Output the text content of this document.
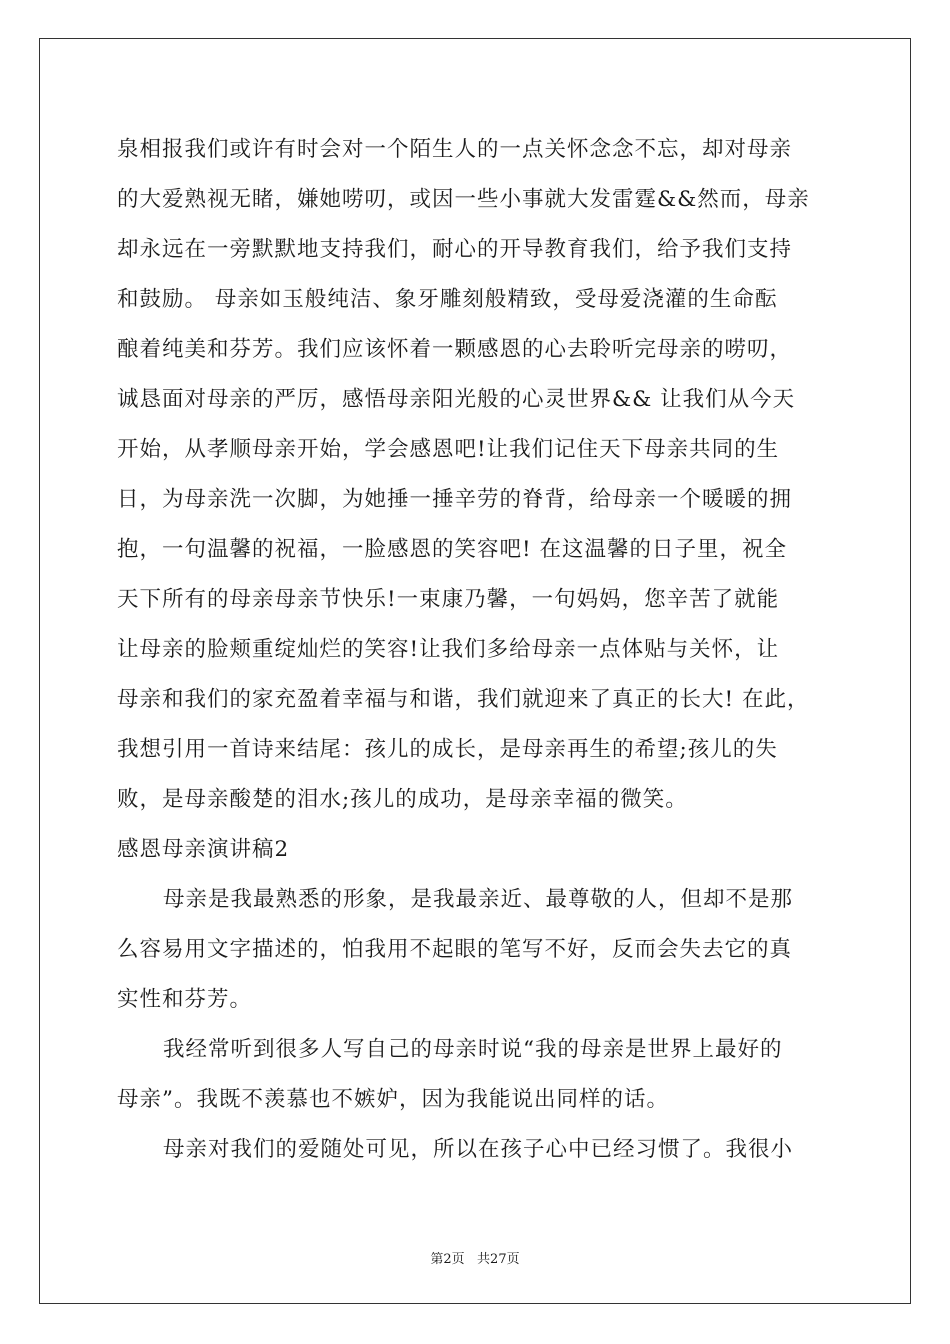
泉相报我们或许有时会对一个陌生人的一点关怀念念不忘，却对母亲
的大爱熟视无睹，嫌她唠叨，或因一些小事就大发雷霆&&然而，母亲
却永远在一旁默默地支持我们，耐心的开导教育我们，给予我们支持
和鼓励。 母亲如玉般纯洁、象牙雕刻般精致，受母爱浇灌的生命酝
酿着纯美和芬芳。我们应该怀着一颗感恩的心去聆听完母亲的唠叨，
诚恳面对母亲的严厉，感悟母亲阳光般的心灵世界&& 让我们从今天
开始，从孝顺母亲开始，学会感恩吧!让我们记住天下母亲共同的生
日，为母亲洗一次脚，为她捶一捶辛劳的脊背，给母亲一个暖暖的拥
抱，一句温馨的祝福，一脸感恩的笑容吧! 在这温馨的日子里，祝全
天下所有的母亲母亲节快乐!一束康乃馨，一句妈妈，您辛苦了就能
让母亲的脸颊重绽灿烂的笑容!让我们多给母亲一点体贴与关怀，让
母亲和我们的家充盈着幸福与和谐，我们就迎来了真正的长大! 在此，
我想引用一首诗来结尾：孩儿的成长，是母亲再生的希望;孩儿的失
败，是母亲酸楚的泪水;孩儿的成功，是母亲幸福的微笑。
感恩母亲演讲稿2
母亲是我最熟悉的形象，是我最亲近、最尊敬的人，但却不是那
么容易用文字描述的，怕我用不起眼的笔写不好，反而会失去它的真
实性和芬芳。
我经常听到很多人写自己的母亲时说“我的母亲是世界上最好的
母亲”。我既不羡慕也不嫉妒，因为我能说出同样的话。
母亲对我们的爱随处可见，所以在孩子心中已经习惯了。我很小
第2页   共27页
